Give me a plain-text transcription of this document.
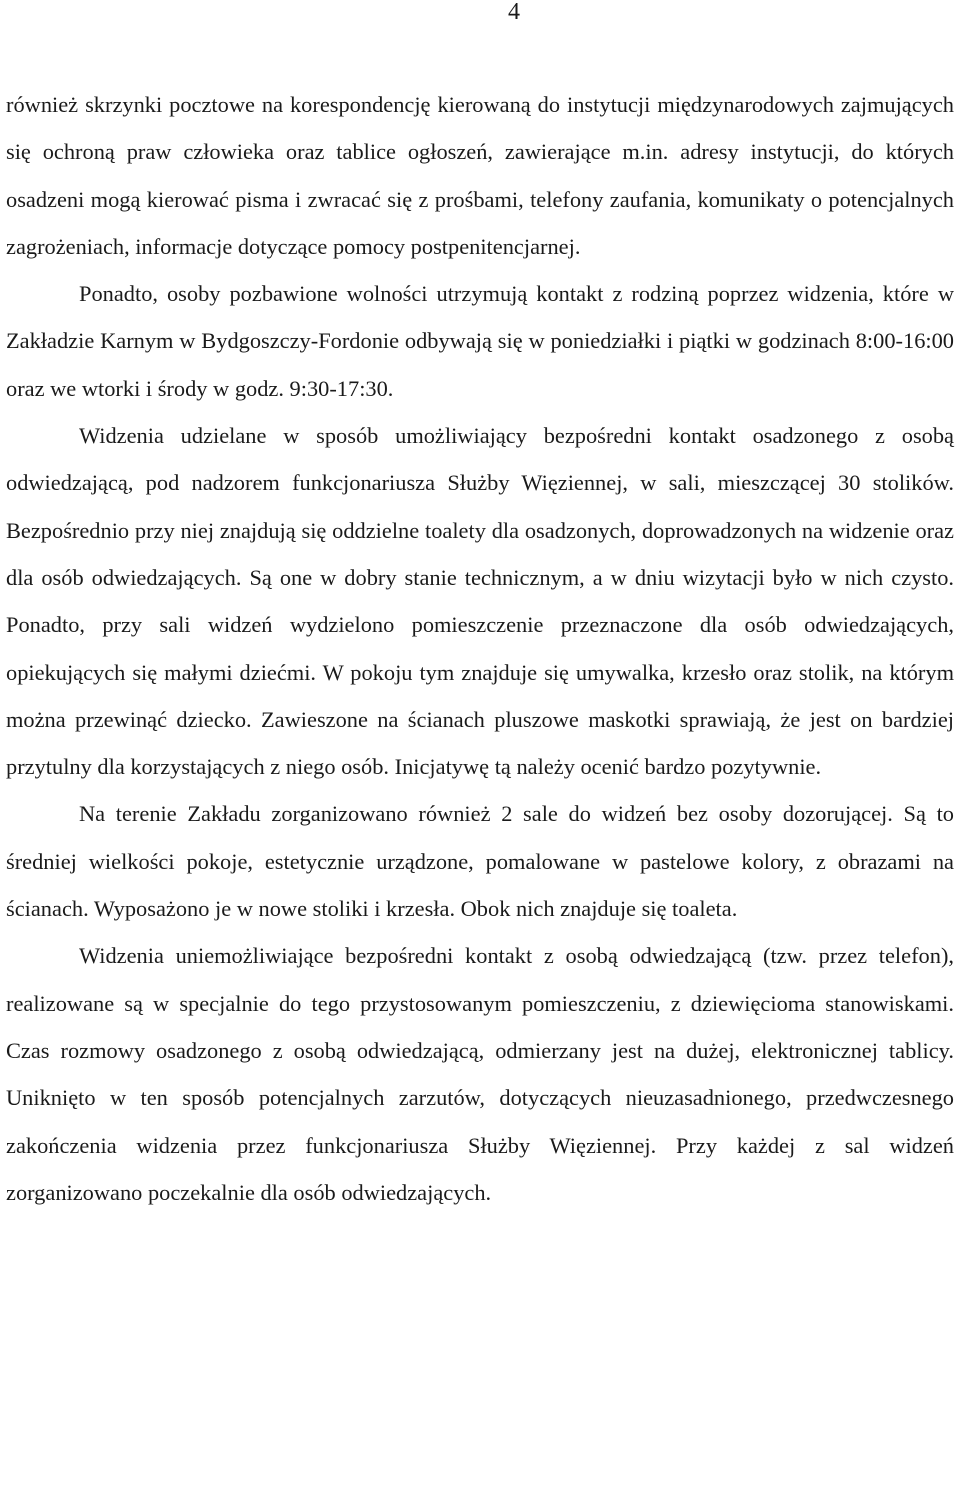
4

również skrzynki pocztowe na korespondencję kierowaną do instytucji międzynarodowych zajmujących się ochroną praw człowieka oraz tablice ogłoszeń, zawierające m.in. adresy instytucji, do których osadzeni mogą kierować pisma i zwracać się z prośbami, telefony zaufania, komunikaty o potencjalnych zagrożeniach, informacje dotyczące pomocy postpenitencjarnej.

Ponadto, osoby pozbawione wolności utrzymują kontakt z rodziną poprzez widzenia, które w Zakładzie Karnym w Bydgoszczy-Fordonie odbywają się w poniedziałki i piątki w godzinach 8:00-16:00 oraz we wtorki i środy w godz. 9:30-17:30.

Widzenia udzielane w sposób umożliwiający bezpośredni kontakt osadzonego z osobą odwiedzającą, pod nadzorem funkcjonariusza Służby Więziennej, w sali, mieszczącej 30 stolików. Bezpośrednio przy niej znajdują się oddzielne toalety dla osadzonych, doprowadzonych na widzenie oraz dla osób odwiedzających. Są one w dobry stanie technicznym, a w dniu wizytacji było w nich czysto. Ponadto, przy sali widzeń wydzielono pomieszczenie przeznaczone dla osób odwiedzających, opiekujących się małymi dziećmi. W pokoju tym znajduje się umywalka, krzesło oraz stolik, na którym można przewinąć dziecko. Zawieszone na ścianach pluszowe maskotki sprawiają, że jest on bardziej przytulny dla korzystających z niego osób. Inicjatywę tą należy ocenić bardzo pozytywnie.

Na terenie Zakładu zorganizowano również 2 sale do widzeń bez osoby dozorującej. Są to średniej wielkości pokoje, estetycznie urządzone, pomalowane w pastelowe kolory, z obrazami na ścianach. Wyposażono je w nowe stoliki i krzesła. Obok nich znajduje się toaleta.

Widzenia uniemożliwiające bezpośredni kontakt z osobą odwiedzającą (tzw. przez telefon), realizowane są w specjalnie do tego przystosowanym pomieszczeniu, z dziewięcioma stanowiskami. Czas rozmowy osadzonego z osobą odwiedzającą, odmierzany jest na dużej, elektronicznej tablicy. Uniknięto w ten sposób potencjalnych zarzutów, dotyczących nieuzasadnionego, przedwczesnego zakończenia widzenia przez funkcjonariusza Służby Więziennej. Przy każdej z sal widzeń zorganizowano poczekalnie dla osób odwiedzających.
